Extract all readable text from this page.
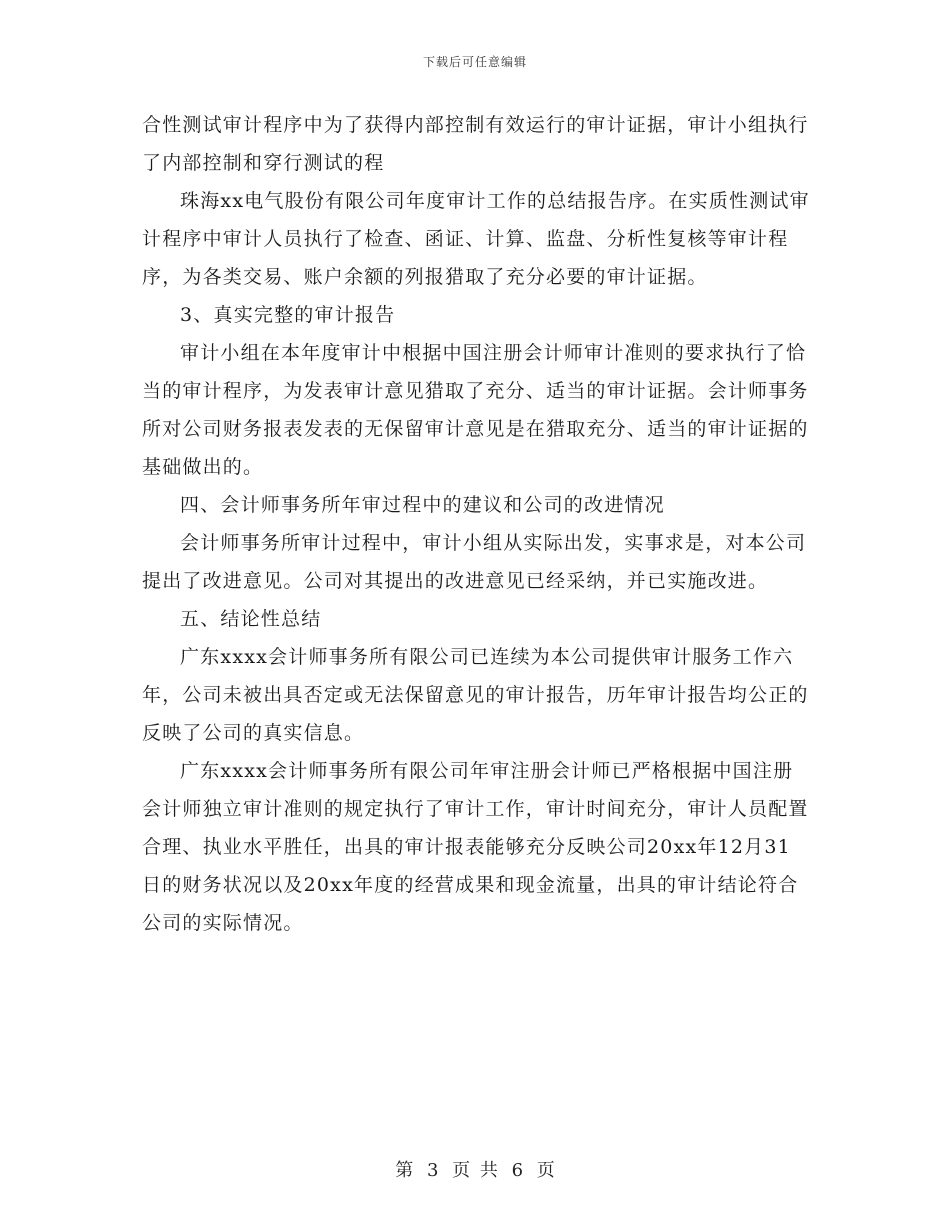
下载后可任意编辑

合性测试审计程序中为了获得内部控制有效运行的审计证据，审计小组执行了内部控制和穿行测试的程

珠海xx电气股份有限公司年度审计工作的总结报告序。在实质性测试审计程序中审计人员执行了检查、函证、计算、监盘、分析性复核等审计程序，为各类交易、账户余额的列报猎取了充分必要的审计证据。

3、真实完整的审计报告

审计小组在本年度审计中根据中国注册会计师审计准则的要求执行了恰当的审计程序，为发表审计意见猎取了充分、适当的审计证据。会计师事务所对公司财务报表发表的无保留审计意见是在猎取充分、适当的审计证据的基础做出的。

四、会计师事务所年审过程中的建议和公司的改进情况

会计师事务所审计过程中，审计小组从实际出发，实事求是，对本公司提出了改进意见。公司对其提出的改进意见已经采纳，并已实施改进。

五、结论性总结

广东xxxx会计师事务所有限公司已连续为本公司提供审计服务工作六年，公司未被出具否定或无法保留意见的审计报告，历年审计报告均公正的反映了公司的真实信息。

广东xxxx会计师事务所有限公司年审注册会计师已严格根据中国注册会计师独立审计准则的规定执行了审计工作，审计时间充分，审计人员配置合理、执业水平胜任，出具的审计报表能够充分反映公司20xx年12月31日的财务状况以及20xx年度的经营成果和现金流量，出具的审计结论符合公司的实际情况。

第 3 页 共 6 页
